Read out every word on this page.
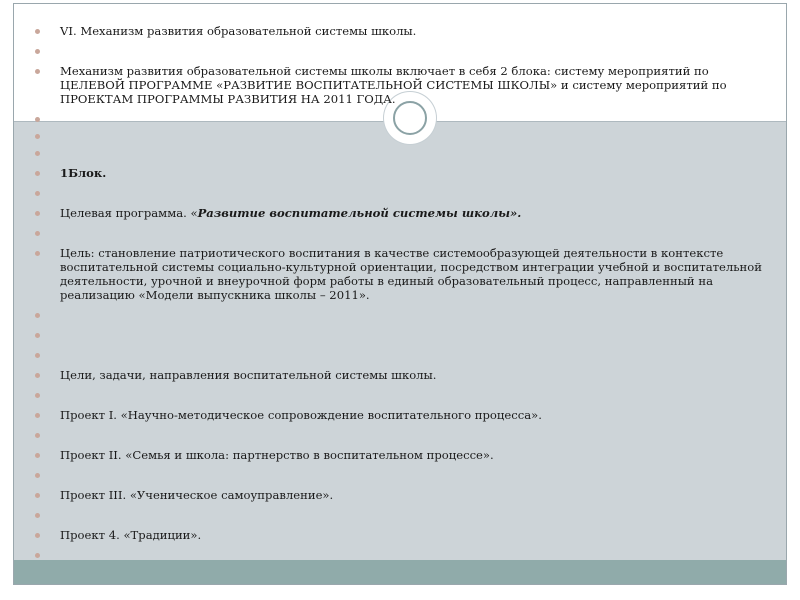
VI. Механизм развития образовательной системы школы.
Механизм развития образовательной системы школы включает в себя 2 блока: систему мероприятий по ЦЕЛЕВОЙ ПРОГРАММЕ «РАЗВИТИЕ ВОСПИТАТЕЛЬНОЙ СИСТЕМЫ ШКОЛЫ» и систему мероприятий по ПРОЕКТАМ ПРОГРАММЫ РАЗВИТИЯ НА 2011 ГОДА.
1Блок.
Целевая программа. «Развитие воспитательной системы школы».
Цель: становление патриотического воспитания в качестве системообразующей деятельности в контексте воспитательной системы социально-культурной ориентации, посредством интеграции учебной и воспитательной деятельности, урочной и внеурочной форм работы в единый образовательный процесс, направленный на реализацию «Модели выпускника школы – 2011».
Цели, задачи, направления воспитательной системы школы.
Проект I. «Научно-методическое сопровождение воспитательного процесса».
Проект II. «Семья и школа: партнерство в воспитательном процессе».
Проект III. «Ученическое самоуправление».
Проект 4. «Традиции».
